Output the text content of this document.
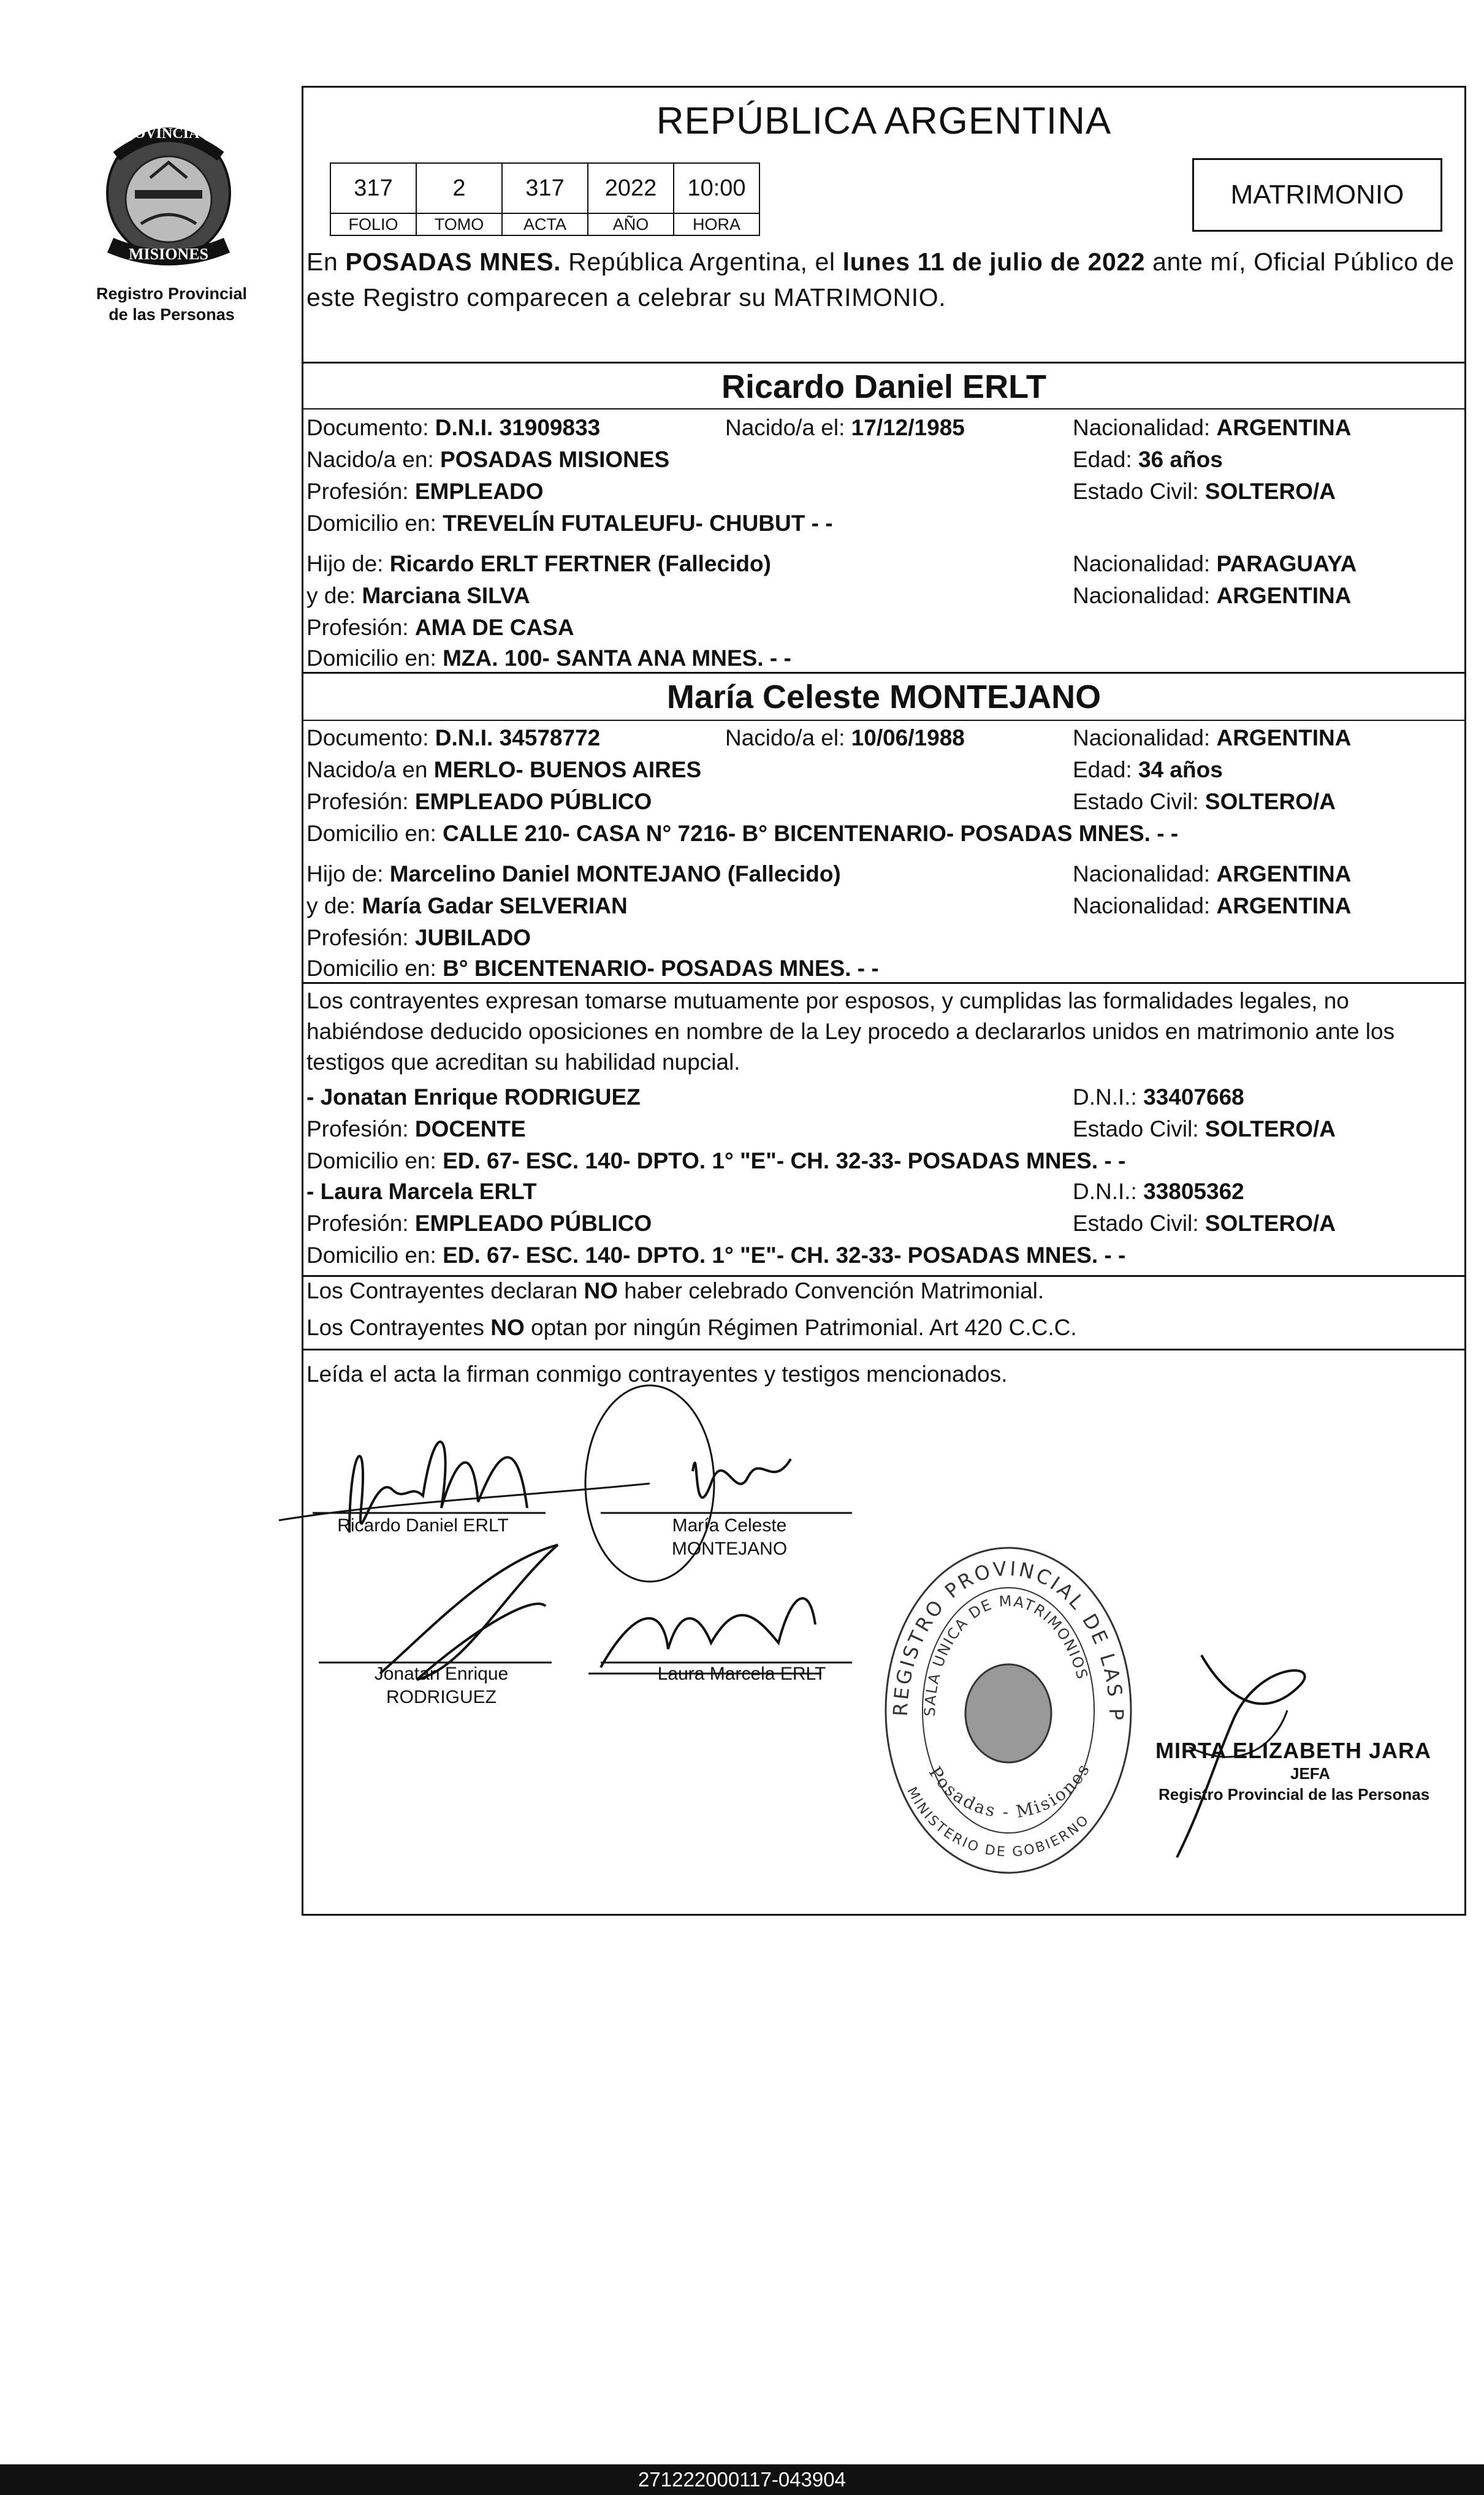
PROVINCIA DE
MISIONES
Registro Provincial
de las Personas
REPÚBLICA ARGENTINA
317	2	317	2022	10:00
FOLIO	TOMO	ACTA	AÑO	HORA
MATRIMONIO
En POSADAS MNES. República Argentina, el lunes 11 de julio de 2022 ante mí, Oficial Público de este Registro comparecen a celebrar su MATRIMONIO.
Ricardo Daniel ERLT
Documento: D.N.I. 31909833	Nacido/a el: 17/12/1985	Nacionalidad: ARGENTINA
Nacido/a en: POSADAS MISIONES	Edad: 36 años
Profesión: EMPLEADO	Estado Civil: SOLTERO/A
Domicilio en: TREVELÍN FUTALEUFU- CHUBUT - -
Hijo de: Ricardo ERLT FERTNER (Fallecido)	Nacionalidad: PARAGUAYA
y de: Marciana SILVA	Nacionalidad: ARGENTINA
Profesión: AMA DE CASA
Domicilio en: MZA. 100- SANTA ANA MNES. - -
María Celeste MONTEJANO
Documento: D.N.I. 34578772	Nacido/a el: 10/06/1988	Nacionalidad: ARGENTINA
Nacido/a en MERLO- BUENOS AIRES	Edad: 34 años
Profesión: EMPLEADO PÚBLICO	Estado Civil: SOLTERO/A
Domicilio en: CALLE 210- CASA N° 7216- B° BICENTENARIO- POSADAS MNES. - -
Hijo de: Marcelino Daniel MONTEJANO (Fallecido)	Nacionalidad: ARGENTINA
y de: María Gadar SELVERIAN	Nacionalidad: ARGENTINA
Profesión: JUBILADO
Domicilio en: B° BICENTENARIO- POSADAS MNES. - -
Los contrayentes expresan tomarse mutuamente por esposos, y cumplidas las formalidades legales, no habiéndose deducido oposiciones en nombre de la Ley procedo a declararlos unidos en matrimonio ante los testigos que acreditan su habilidad nupcial.
- Jonatan Enrique RODRIGUEZ	D.N.I.: 33407668
Profesión: DOCENTE	Estado Civil: SOLTERO/A
Domicilio en: ED. 67- ESC. 140- DPTO. 1° "E"- CH. 32-33- POSADAS MNES. - -
- Laura Marcela ERLT	D.N.I.: 33805362
Profesión: EMPLEADO PÚBLICO	Estado Civil: SOLTERO/A
Domicilio en: ED. 67- ESC. 140- DPTO. 1° "E"- CH. 32-33- POSADAS MNES. - -
Los Contrayentes declaran NO haber celebrado Convención Matrimonial.
Los Contrayentes NO optan por ningún Régimen Patrimonial. Art 420 C.C.C.
Leída el acta la firman conmigo contrayentes y testigos mencionados.
Ricardo Daniel ERLT	María Celeste
MONTEJANO
Jonatan Enrique
RODRIGUEZ
Laura Marcela ERLT
REGISTRO PROVINCIAL DE LAS P
SALA UNICA DE MATRIMONIOS
Posadas - Misiones
MINISTERIO DE GOBIERNO
MIRTA ELIZABETH JARA
JEFA
Registro Provincial de las Personas
271222000117-043904
